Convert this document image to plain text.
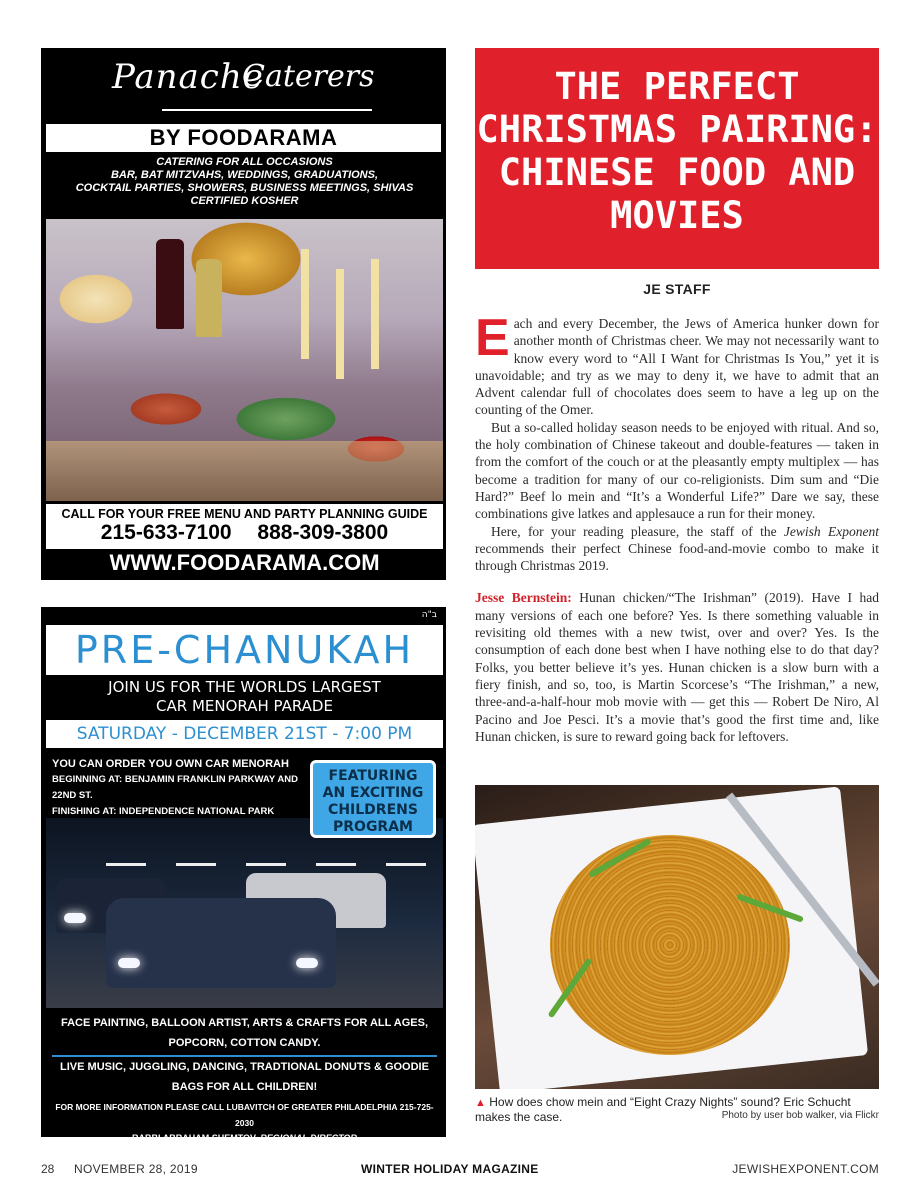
Panache
Caterers
BY FOODARAMA
CATERING FOR ALL OCCASIONS
BAR, BAT MITZVAHS, WEDDINGS, GRADUATIONS,
COCKTAIL PARTIES, SHOWERS, BUSINESS MEETINGS, SHIVAS
CERTIFIED KOSHER
CALL FOR YOUR FREE MENU AND PARTY PLANNING GUIDE
215-633-7100 888-309-3800
WWW.FOODARAMA.COM
ב"ה
PRE-CHANUKAH
JOIN US FOR THE WORLDS LARGEST
CAR MENORAH PARADE
SATURDAY - DECEMBER 21ST - 7:00 PM
YOU CAN ORDER YOU OWN CAR MENORAH
BEGINNING AT: BENJAMIN FRANKLIN PARKWAY AND 22ND ST.
FINISHING AT: INDEPENDENCE NATIONAL PARK
FEATURING
AN EXCITING
CHILDRENS
PROGRAM
FACE PAINTING, BALLOON ARTIST, ARTS & CRAFTS FOR ALL AGES, POPCORN, COTTON CANDY.
LIVE MUSIC, JUGGLING, DANCING, TRADTIONAL DONUTS & GOODIE BAGS FOR ALL CHILDREN!
FOR MORE INFORMATION PLEASE CALL LUBAVITCH OF GREATER PHILADELPHIA 215-725-2030
RABBI ABRAHAM SHEMTOV, REGIONAL DIRECTOR
SPONSORED BY ARI BEN ROCHEL IN MEMORY OF ROCHEL BAS AVRAHAM O.B.M.
THE PERFECT CHRISTMAS PAIRING: CHINESE FOOD AND MOVIES
JE STAFF

Each and every December, the Jews of America hunker down for another month of Christmas cheer. We may not necessarily want to know every word to “All I Want for Christmas Is You,” yet it is unavoidable; and try as we may to deny it, we have to admit that an Advent calendar full of chocolates does seem to have a leg up on the counting of the Omer.

But a so-called holiday season needs to be enjoyed with ritual. And so, the holy combination of Chinese takeout and double-features — taken in from the comfort of the couch or at the pleasantly empty multiplex — has become a tradition for many of our co-religionists. Dim sum and “Die Hard?” Beef lo mein and “It’s a Wonderful Life?” Dare we say, these combinations give latkes and applesauce a run for their money.

Here, for your reading pleasure, the staff of the Jewish Exponent recommends their perfect Chinese food-and-movie combo to make it through Christmas 2019.

Jesse Bernstein: Hunan chicken/“The Irishman” (2019). Have I had many versions of each one before? Yes. Is there something valuable in revisiting old themes with a new twist, over and over? Yes. Is the consumption of each done best when I have nothing else to do that day? Folks, you better believe it’s yes. Hunan chicken is a slow burn with a fiery finish, and so, too, is Martin Scorcese’s “The Irishman,” a new, three-and-a-half-hour mob movie with — get this — Robert De Niro, Al Pacino and Joe Pesci. It’s a movie that’s good the first time and, like Hunan chicken, is sure to reward going back for leftovers.

▲ How does chow mein and “Eight Crazy Nights” sound? Eric Schucht makes the case.	Photo by user bob walker, via Flickr
28 NOVEMBER 28, 2019	WINTER HOLIDAY MAGAZINE	JEWISHEXPONENT.COM
